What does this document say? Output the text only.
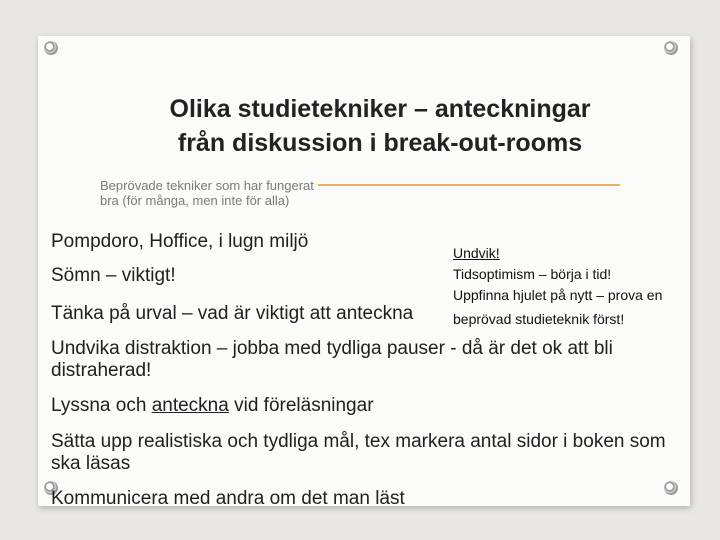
Olika studietekniker – anteckningar
från diskussion i break-out-rooms
Beprövade tekniker som har fungerat bra (för många, men inte för alla)
Pompdoro, Hoffice, i lugn miljö
Sömn – viktigt!
Tänka på urval – vad är viktigt att anteckna
Undvika distraktion – jobba med tydliga pauser - då är det ok att bli distraherad!
Lyssna och anteckna vid föreläsningar
Sätta upp realistiska och tydliga mål, tex markera antal sidor i boken som ska läsas
Kommunicera med andra om det man läst
Undvik!
Tidsoptimism – börja i tid!
Uppfinna hjulet på nytt – prova en
beprövad studieteknik först!
